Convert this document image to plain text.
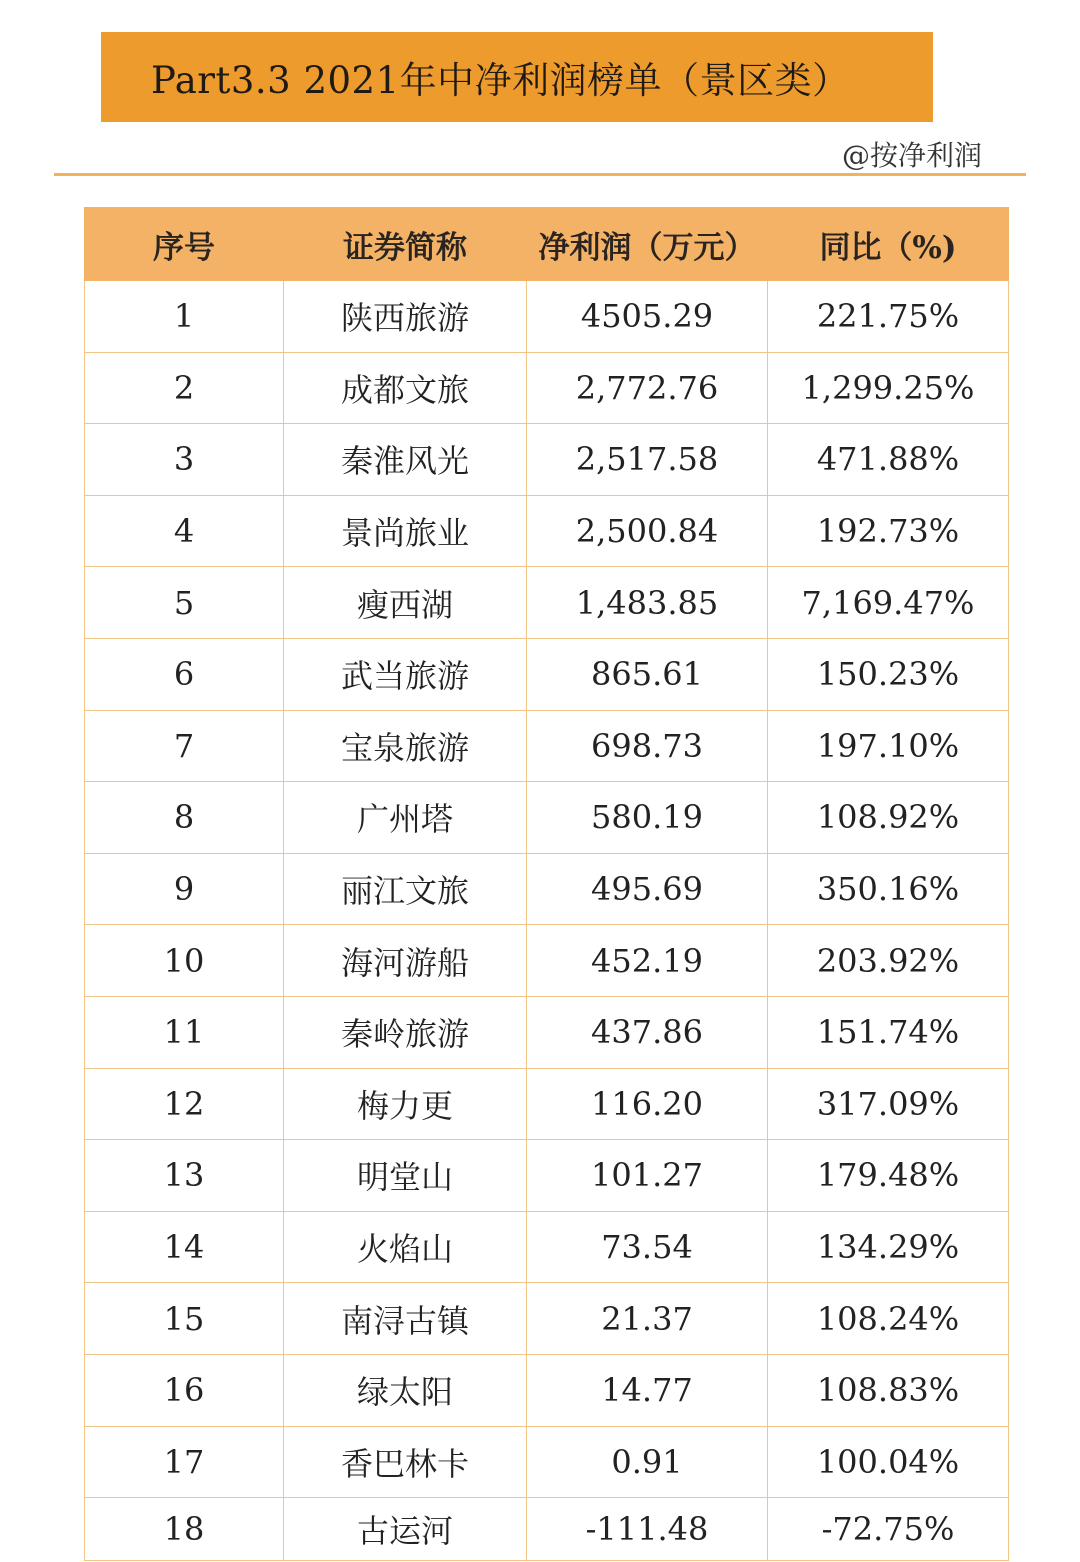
Part3.3 2021年中净利润榜单（景区类）
@按净利润
序号	证券简称	净利润（万元）	同比（%)
1	陕西旅游	4505.29	221.75%
2	成都文旅	2,772.76	1,299.25%
3	秦淮风光	2,517.58	471.88%
4	景尚旅业	2,500.84	192.73%
5	瘦西湖	1,483.85	7,169.47%
6	武当旅游	865.61	150.23%
7	宝泉旅游	698.73	197.10%
8	广州塔	580.19	108.92%
9	丽江文旅	495.69	350.16%
10	海河游船	452.19	203.92%
11	秦岭旅游	437.86	151.74%
12	梅力更	116.20	317.09%
13	明堂山	101.27	179.48%
14	火焰山	73.54	134.29%
15	南浔古镇	21.37	108.24%
16	绿太阳	14.77	108.83%
17	香巴林卡	0.91	100.04%
18	古运河	-111.48	-72.75%
